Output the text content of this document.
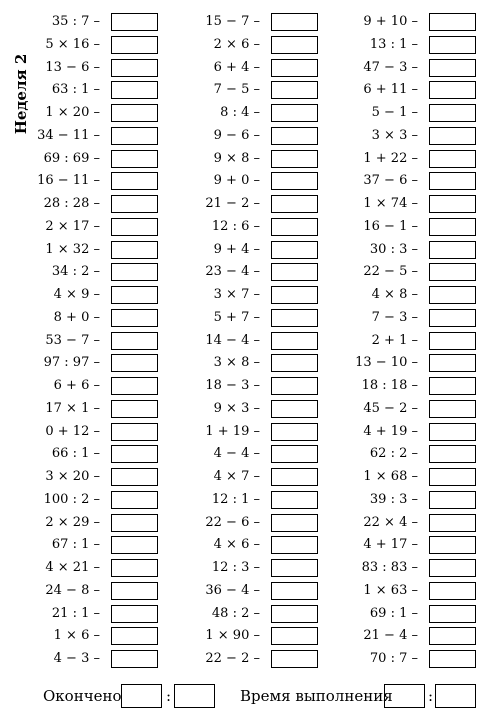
Неделя 2
35 : 7 –
5 × 16 –
13 − 6 –
63 : 1 –
1 × 20 –
34 − 11 –
69 : 69 –
16 − 11 –
28 : 28 –
2 × 17 –
1 × 32 –
34 : 2 –
4 × 9 –
8 + 0 –
53 − 7 –
97 : 97 –
6 + 6 –
17 × 1 –
0 + 12 –
66 : 1 –
3 × 20 –
100 : 2 –
2 × 29 –
67 : 1 –
4 × 21 –
24 − 8 –
21 : 1 –
1 × 6 –
4 − 3 –
15 − 7 –
2 × 6 –
6 + 4 –
7 − 5 –
8 : 4 –
9 − 6 –
9 × 8 –
9 + 0 –
21 − 2 –
12 : 6 –
9 + 4 –
23 − 4 –
3 × 7 –
5 + 7 –
14 − 4 –
3 × 8 –
18 − 3 –
9 × 3 –
1 + 19 –
4 − 4 –
4 × 7 –
12 : 1 –
22 − 6 –
4 × 6 –
12 : 3 –
36 − 4 –
48 : 2 –
1 × 90 –
22 − 2 –
9 + 10 –
13 : 1 –
47 − 3 –
6 + 11 –
5 − 1 –
3 × 3 –
1 + 22 –
37 − 6 –
1 × 74 –
16 − 1 –
30 : 3 –
22 − 5 –
4 × 8 –
7 − 3 –
2 + 1 –
13 − 10 –
18 : 18 –
45 − 2 –
4 + 19 –
62 : 2 –
1 × 68 –
39 : 3 –
22 × 4 –
4 + 17 –
83 : 83 –
1 × 63 –
69 : 1 –
21 − 4 –
70 : 7 –
Окончено	:	Время выполнения :
